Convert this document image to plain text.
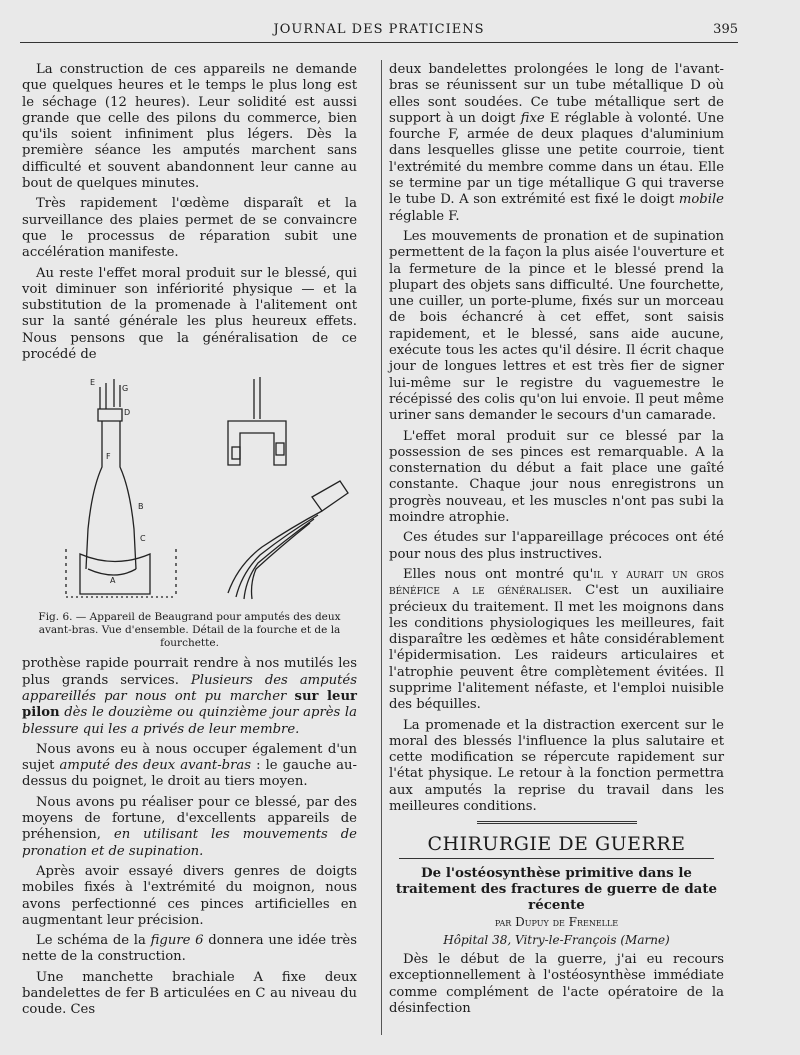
JOURNAL DES PRATICIENS	395

La construction de ces appareils ne demande que quelques heures et le temps le plus long est le séchage (12 heures). Leur solidité est aussi grande que celle des pilons du commerce, bien qu'ils soient infiniment plus légers. Dès la première séance les amputés marchent sans difficulté et souvent abandonnent leur canne au bout de quelques minutes.

Très rapidement l'œdème disparaît et la surveillance des plaies permet de se convaincre que le processus de réparation subit une accélération manifeste.

Au reste l'effet moral produit sur le blessé, qui voit diminuer son infériorité physique — et la substitution de la promenade à l'alitement ont sur la santé générale les plus heureux effets. Nous pensons que la généralisation de ce procédé de

E
G
D
F
B
C
A
Fig. 6. — Appareil de Beaugrand pour amputés des deux avant-bras. Vue d'ensemble. Détail de la fourche et de la fourchette.

prothèse rapide pourrait rendre à nos mutilés les plus grands services. Plusieurs des amputés appareillés par nous ont pu marcher sur leur pilon dès le douzième ou quinzième jour après la blessure qui les a privés de leur membre.

Nous avons eu à nous occuper également d'un sujet amputé des deux avant-bras : le gauche au-dessus du poignet, le droit au tiers moyen.

Nous avons pu réaliser pour ce blessé, par des moyens de fortune, d'excellents appareils de préhension, en utilisant les mouvements de pronation et de supination.

Après avoir essayé divers genres de doigts mobiles fixés à l'extrémité du moignon, nous avons perfectionné ces pinces artificielles en augmentant leur précision.

Le schéma de la figure 6 donnera une idée très nette de la construction.

Une manchette brachiale A fixe deux bandelettes de fer B articulées en C au niveau du coude. Ces

deux bandelettes prolongées le long de l'avant-bras se réunissent sur un tube métallique D où elles sont soudées. Ce tube métallique sert de support à un doigt fixe E réglable à volonté. Une fourche F, armée de deux plaques d'aluminium dans lesquelles glisse une petite courroie, tient l'extrémité du membre comme dans un étau. Elle se termine par un tige métallique G qui traverse le tube D. A son extrémité est fixé le doigt mobile réglable F.

Les mouvements de pronation et de supination permettent de la façon la plus aisée l'ouverture et la fermeture de la pince et le blessé prend la plupart des objets sans difficulté. Une fourchette, une cuiller, un porte-plume, fixés sur un morceau de bois échancré à cet effet, sont saisis rapidement, et le blessé, sans aide aucune, exécute tous les actes qu'il désire. Il écrit chaque jour de longues lettres et est très fier de signer lui-même sur le registre du vaguemestre le récépissé des colis qu'on lui envoie. Il peut même uriner sans demander le secours d'un camarade.

L'effet moral produit sur ce blessé par la possession de ses pinces est remarquable. A la consternation du début a fait place une gaîté constante. Chaque jour nous enregistrons un progrès nouveau, et les muscles n'ont pas subi la moindre atrophie.

Ces études sur l'appareillage précoces ont été pour nous des plus instructives.

Elles nous ont montré qu'il y aurait un gros bénéfice a le généraliser. C'est un auxiliaire précieux du traitement. Il met les moignons dans les conditions physiologiques les meilleures, fait disparaître les œdèmes et hâte considérablement l'épidermisation. Les raideurs articulaires et l'atrophie peuvent être complètement évitées. Il supprime l'alitement néfaste, et l'emploi nuisible des béquilles.

La promenade et la distraction exercent sur le moral des blessés l'influence la plus salutaire et cette modification se répercute rapidement sur l'état physique. Le retour à la fonction permettra aux amputés la reprise du travail dans les meilleures conditions.

CHIRURGIE DE GUERRE
De l'ostéosynthèse primitive dans le traitement des fractures de guerre de date récente
par Dupuy de Frenelle
Hôpital 38, Vitry-le-François (Marne)

Dès le début de la guerre, j'ai eu recours exceptionnellement à l'ostéosynthèse immédiate comme complément de l'acte opératoire de la désinfection
